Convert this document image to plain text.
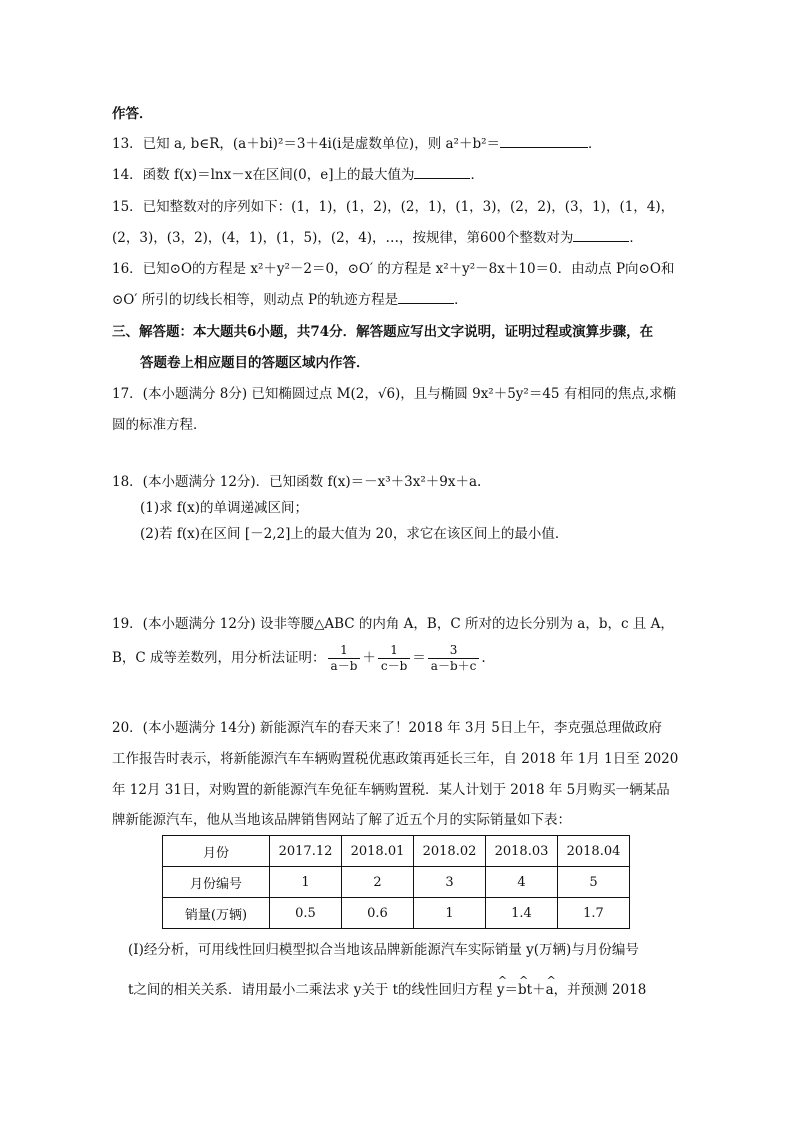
作答．
13．已知 a, b∈R，(a＋bi)²＝3＋4i(i是虚数单位)，则 a²＋b²＝	．
14．函数 f(x)＝lnx－x在区间(0，e]上的最大值为	．
15．已知整数对的序列如下：(1，1)，(1，2)，(2，1)，(1，3)，(2，2)，(3，1)，(1，4)，
(2，3)，(3，2)，(4，1)，(1，5)，(2，4)，…，按规律，第600个整数对为	．
16．已知⊙O的方程是 x²＋y²－2＝0，⊙O′ 的方程是 x²＋y²－8x＋10＝0．由动点 P向⊙O和
⊙O′ 所引的切线长相等，则动点 P的轨迹方程是	．
三、解答题：本大题共6小题，共74分．解答题应写出文字说明，证明过程或演算步骤，在
答题卷上相应题目的答题区域内作答．
17．(本小题满分 8分) 已知椭圆过点 M(2，√6)，且与椭圆 9x²＋5y²＝45 有相同的焦点,求椭
圆的标准方程．
18．(本小题满分 12分)．已知函数 f(x)＝－x³＋3x²＋9x＋a.
(1)求 f(x)的单调递减区间；
(2)若 f(x)在区间 [－2,2]上的最大值为 20，求它在该区间上的最小值．
19．(本小题满分 12分) 设非等腰△ABC 的内角 A，B，C 所对的边长分别为 a，b，c 且 A，
B，C 成等差数列，用分析法证明： $\frac{1}{a-b} + \frac{1}{c-b} = \frac{3}{a-b+c}$ .
20．(本小题满分 14分) 新能源汽车的春天来了！2018 年 3月 5日上午，李克强总理做政府
工作报告时表示，将新能源汽车车辆购置税优惠政策再延长三年，自 2018 年 1月 1日至 2020
年 12月 31日，对购置的新能源汽车免征车辆购置税．某人计划于 2018 年 5月购买一辆某品
牌新能源汽车，他从当地该品牌销售网站了解了近五个月的实际销量如下表：
月份	2017.12	2018.01	2018.02	2018.03	2018.04
月份编号	1	2	3	4	5
销量(万辆)	0.5	0.6	1	1.4	1.7
(Ⅰ)经分析，可用线性回归模型拟合当地该品牌新能源汽车实际销量 y(万辆)与月份编号
t之间的相关关系．请用最小二乘法求 y关于 t的线性回归方程 ^ y＝^ bt＋^ a，并预测 2018
